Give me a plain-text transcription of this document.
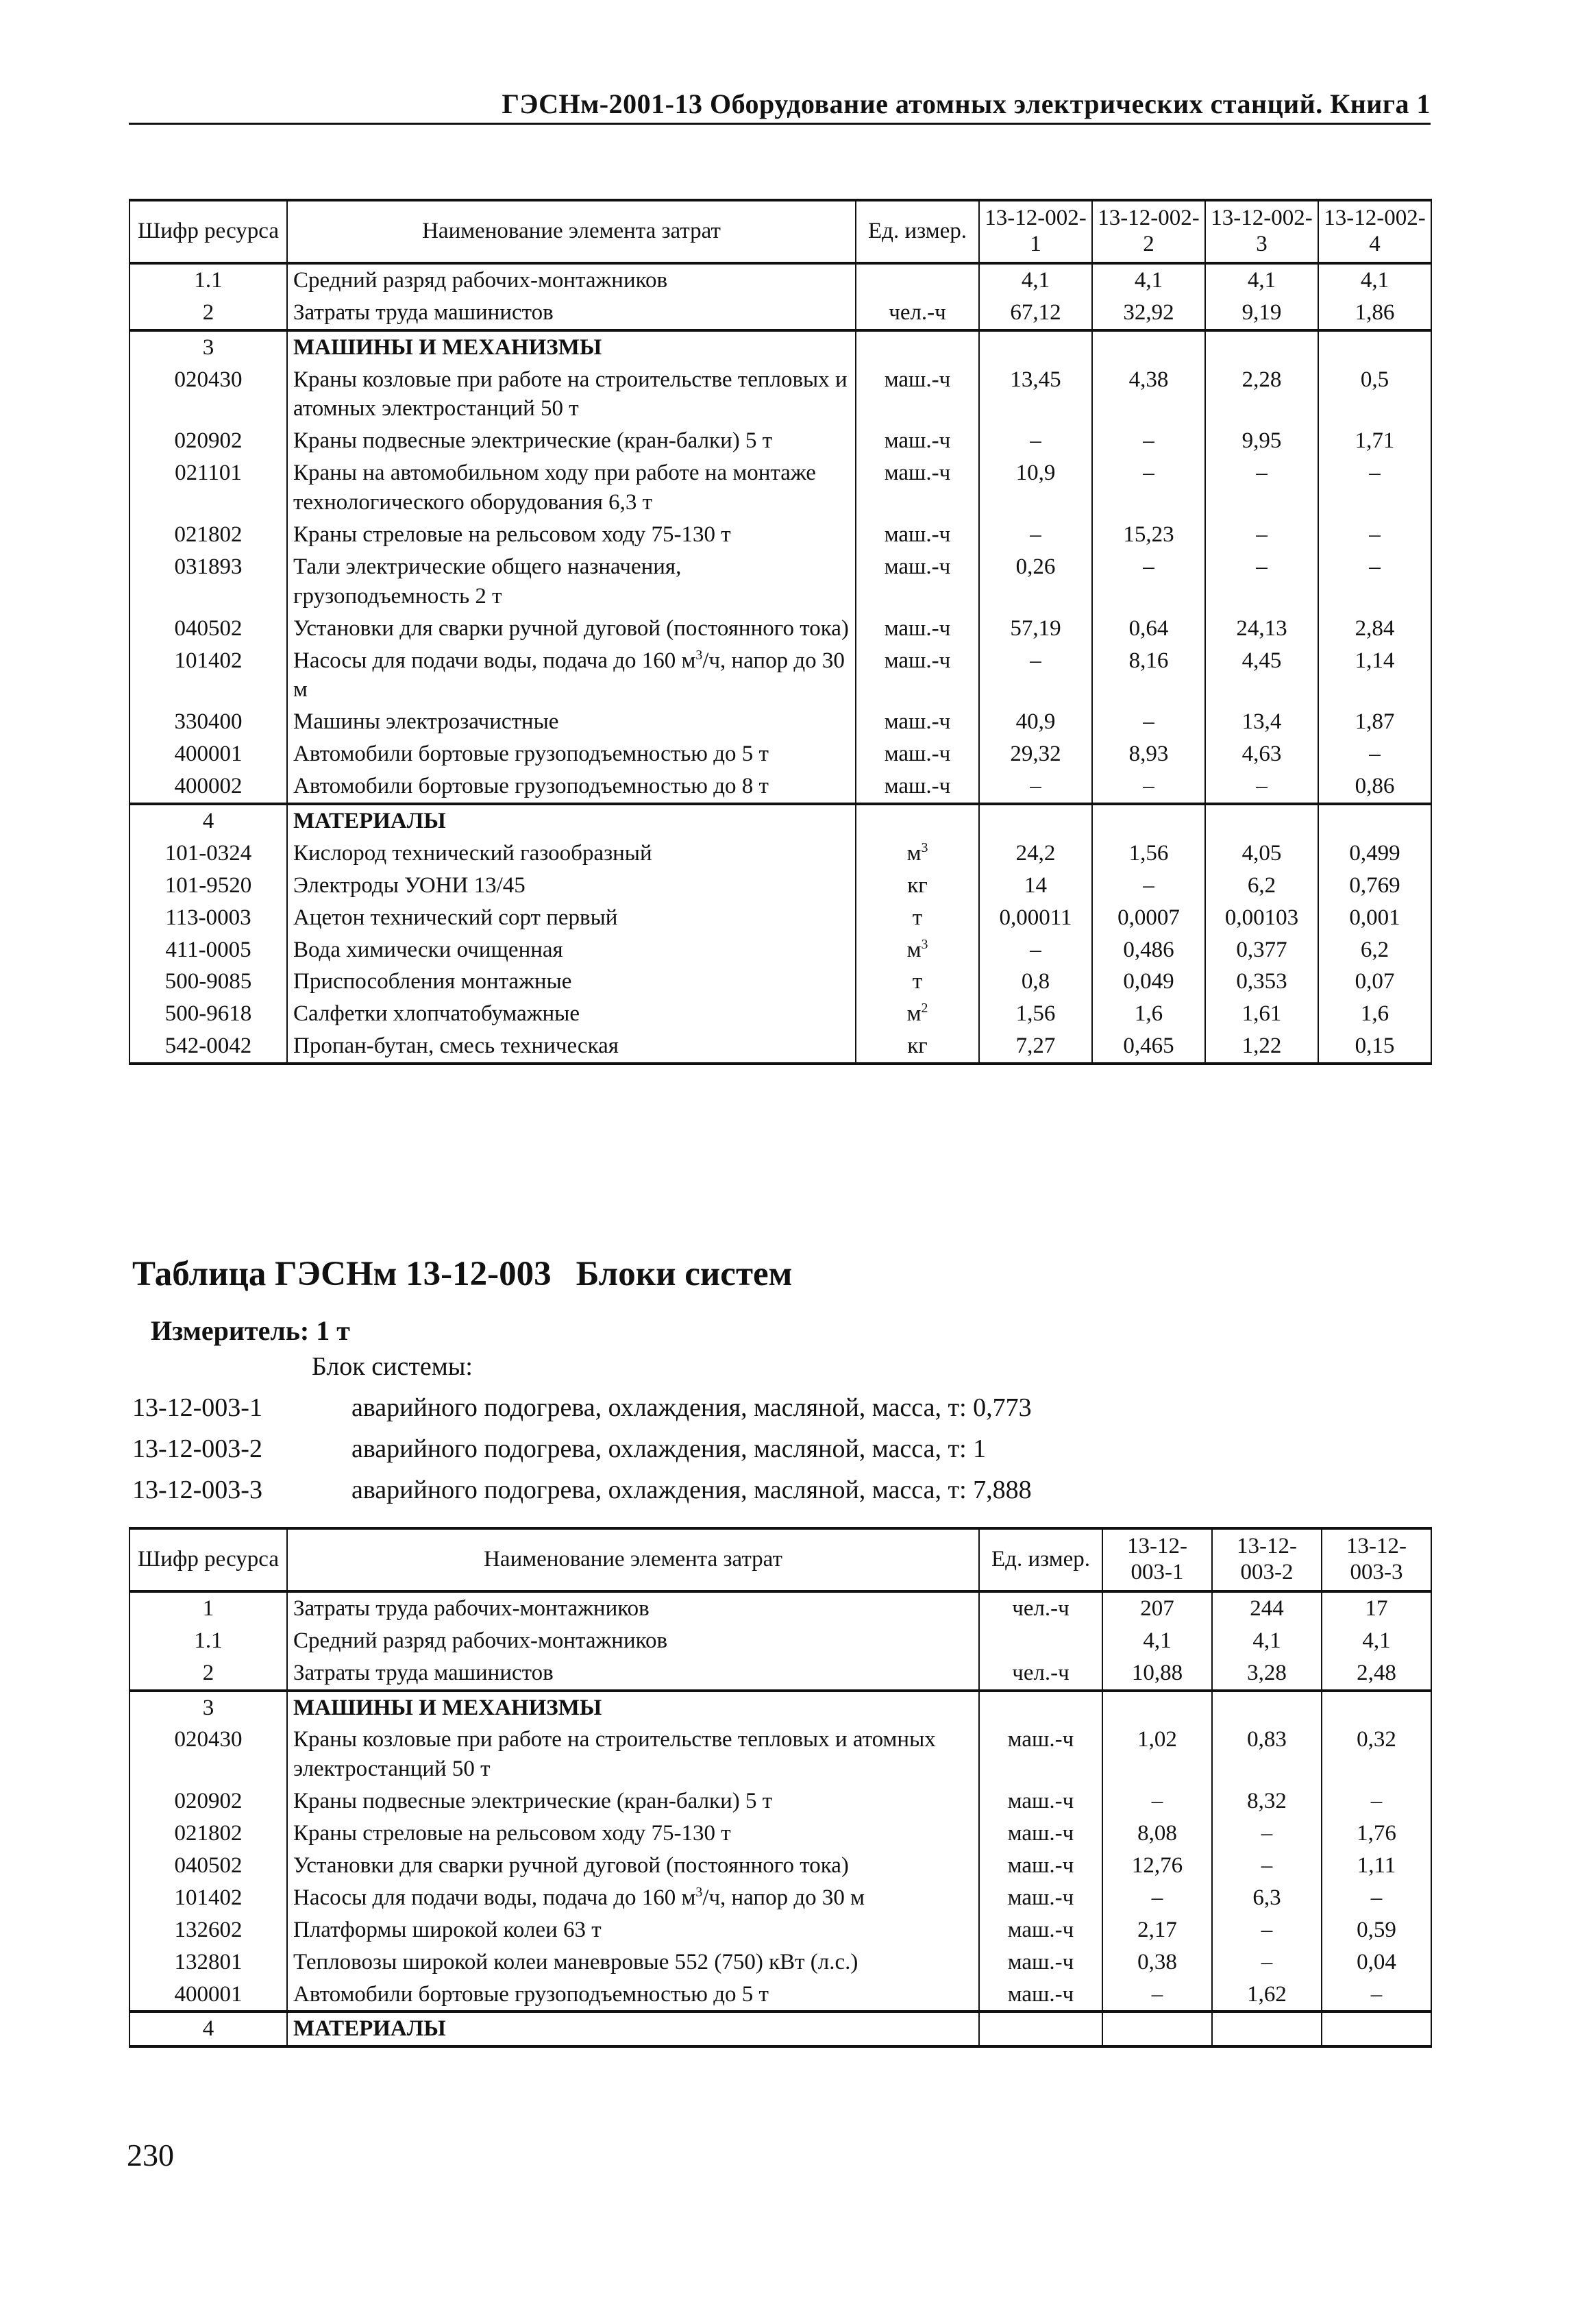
ГЭСНм-2001-13 Оборудование атомных электрических станций. Книга 1
Шифр ресурса	Наименование элемента затрат	Ед. измер.	13-12-002-1	13-12-002-2	13-12-002-3	13-12-002-4
1.1	Средний разряд рабочих-монтажников		4,1	4,1	4,1	4,1
2	Затраты труда машинистов	чел.-ч	67,12	32,92	9,19	1,86
3	МАШИНЫ И МЕХАНИЗМЫ					
020430	Краны козловые при работе на строительстве тепловых и атомных электростанций 50 т	маш.-ч	13,45	4,38	2,28	0,5
020902	Краны подвесные электрические (кран-балки) 5 т	маш.-ч	–	–	9,95	1,71
021101	Краны на автомобильном ходу при работе на монтаже технологического оборудования 6,3 т	маш.-ч	10,9	–	–	–
021802	Краны стреловые на рельсовом ходу 75-130 т	маш.-ч	–	15,23	–	–
031893	Тали электрические общего назначения, грузоподъемность 2 т	маш.-ч	0,26	–	–	–
040502	Установки для сварки ручной дуговой (постоянного тока)	маш.-ч	57,19	0,64	24,13	2,84
101402	Насосы для подачи воды, подача до 160 $м^3/ч$, напор до 30 м	маш.-ч	–	8,16	4,45	1,14
330400	Машины электрозачистные	маш.-ч	40,9	–	13,4	1,87
400001	Автомобили бортовые грузоподъемностью до 5 т	маш.-ч	29,32	8,93	4,63	–
400002	Автомобили бортовые грузоподъемностью до 8 т	маш.-ч	–	–	–	0,86
4	МАТЕРИАЛЫ					
101-0324	Кислород технический газообразный	$м^3$	24,2	1,56	4,05	0,499
101-9520	Электроды УОНИ 13/45	кг	14	–	6,2	0,769
113-0003	Ацетон технический сорт первый	т	0,00011	0,0007	0,00103	0,001
411-0005	Вода химически очищенная	$м^3$	–	0,486	0,377	6,2
500-9085	Приспособления монтажные	т	0,8	0,049	0,353	0,07
500-9618	Салфетки хлопчатобумажные	$м^2$	1,56	1,6	1,61	1,6
542-0042	Пропан-бутан, смесь техническая	кг	7,27	0,465	1,22	0,15
Таблица ГЭСНм 13-12-003 Блоки систем
Измеритель: 1 т
Блок системы:
13-12-003-1	аварийного подогрева, охлаждения, масляной, масса, т: 0,773
13-12-003-2	аварийного подогрева, охлаждения, масляной, масса, т: 1
13-12-003-3	аварийного подогрева, охлаждения, масляной, масса, т: 7,888
Шифр ресурса	Наименование элемента затрат	Ед. измер.	13-12-003-1	13-12-003-2	13-12-003-3
1	Затраты труда рабочих-монтажников	чел.-ч	207	244	17
1.1	Средний разряд рабочих-монтажников		4,1	4,1	4,1
2	Затраты труда машинистов	чел.-ч	10,88	3,28	2,48
3	МАШИНЫ И МЕХАНИЗМЫ				
020430	Краны козловые при работе на строительстве тепловых и атомных электростанций 50 т	маш.-ч	1,02	0,83	0,32
020902	Краны подвесные электрические (кран-балки) 5 т	маш.-ч	–	8,32	–
021802	Краны стреловые на рельсовом ходу 75-130 т	маш.-ч	8,08	–	1,76
040502	Установки для сварки ручной дуговой (постоянного тока)	маш.-ч	12,76	–	1,11
101402	Насосы для подачи воды, подача до 160 $м^3/ч$, напор до 30 м	маш.-ч	–	6,3	–
132602	Платформы широкой колеи 63 т	маш.-ч	2,17	–	0,59
132801	Тепловозы широкой колеи маневровые 552 (750) кВт (л.с.)	маш.-ч	0,38	–	0,04
400001	Автомобили бортовые грузоподъемностью до 5 т	маш.-ч	–	1,62	–
4	МАТЕРИАЛЫ				
230
